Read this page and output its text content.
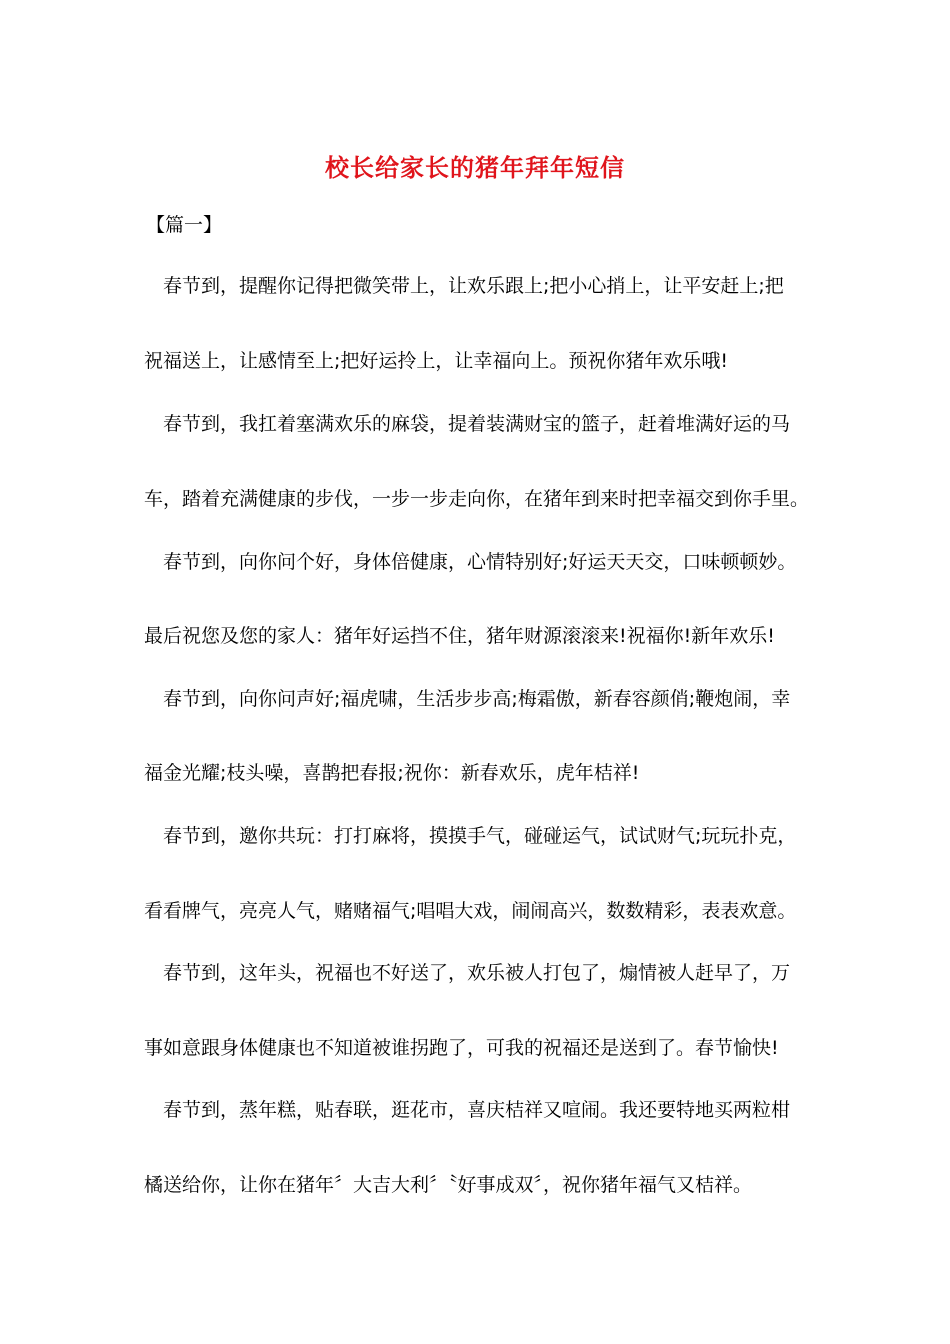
校长给家长的猪年拜年短信
【篇一】
春节到，提醒你记得把微笑带上，让欢乐跟上;把小心捎上，让平安赶上;把
祝福送上，让感情至上;把好运拎上，让幸福向上。预祝你猪年欢乐哦!
春节到，我扛着塞满欢乐的麻袋，提着装满财宝的篮子，赶着堆满好运的马
车，踏着充满健康的步伐，一步一步走向你，在猪年到来时把幸福交到你手里。
春节到，向你问个好，身体倍健康，心情特别好;好运天天交，口味顿顿妙。
最后祝您及您的家人：猪年好运挡不住，猪年财源滚滚来!祝福你!新年欢乐!
春节到，向你问声好;福虎啸，生活步步高;梅霜傲，新春容颜俏;鞭炮闹，幸
福金光耀;枝头噪，喜鹊把春报;祝你：新春欢乐，虎年桔祥!
春节到，邀你共玩：打打麻将，摸摸手气，碰碰运气，试试财气;玩玩扑克，
看看牌气，亮亮人气，赌赌福气;唱唱大戏，闹闹高兴，数数精彩，表表欢意。
春节到，这年头，祝福也不好送了，欢乐被人打包了，煽情被人赶早了，万
事如意跟身体健康也不知道被谁拐跑了，可我的祝福还是送到了。春节愉快!
春节到，蒸年糕，贴春联，逛花市，喜庆桔祥又喧闹。我还要特地买两粒柑
橘送给你，让你在猪年〞大吉大利〞〝好事成双〞，祝你猪年福气又桔祥。
